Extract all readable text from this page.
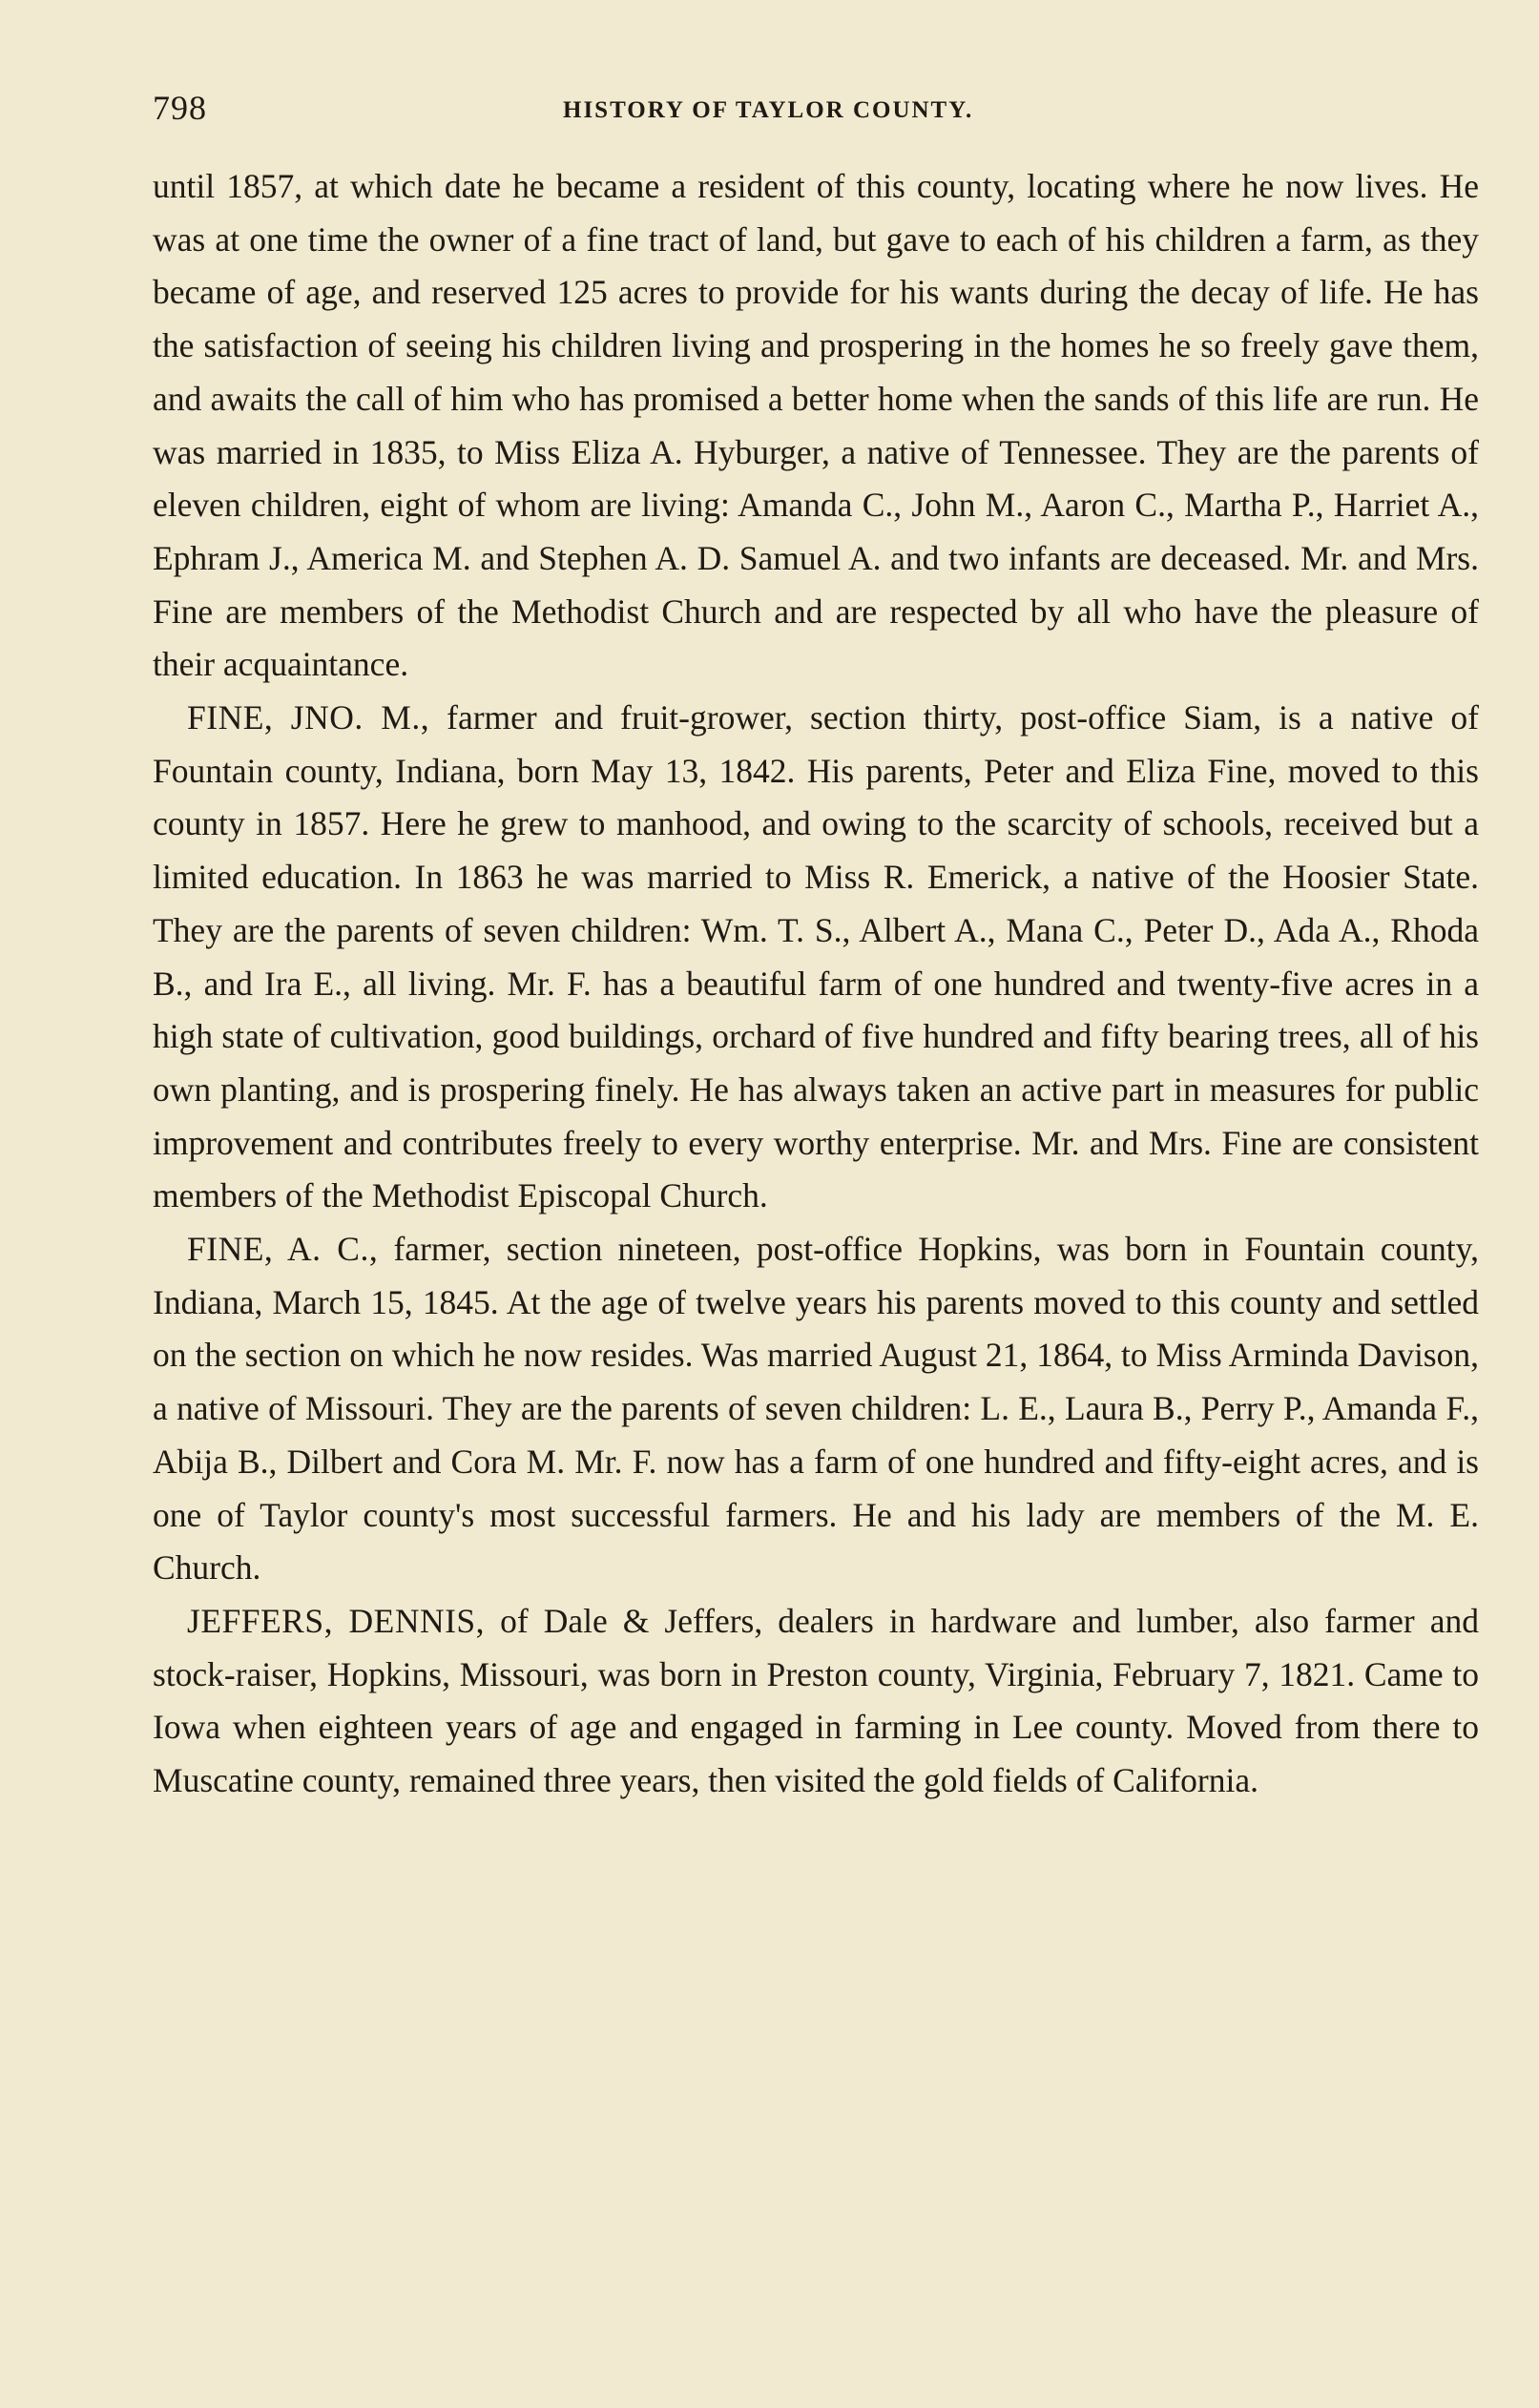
798	HISTORY OF TAYLOR COUNTY.

until 1857, at which date he became a resident of this county, locating where he now lives. He was at one time the owner of a fine tract of land, but gave to each of his children a farm, as they became of age, and reserved 125 acres to provide for his wants during the decay of life. He has the satisfaction of seeing his children living and prospering in the homes he so freely gave them, and awaits the call of him who has promised a better home when the sands of this life are run. He was married in 1835, to Miss Eliza A. Hyburger, a native of Tennessee. They are the parents of eleven children, eight of whom are living: Amanda C., John M., Aaron C., Martha P., Harriet A., Ephram J., America M. and Stephen A. D. Samuel A. and two infants are deceased. Mr. and Mrs. Fine are members of the Methodist Church and are respected by all who have the pleasure of their acquaintance.

FINE, JNO. M., farmer and fruit-grower, section thirty, post-office Siam, is a native of Fountain county, Indiana, born May 13, 1842. His parents, Peter and Eliza Fine, moved to this county in 1857. Here he grew to manhood, and owing to the scarcity of schools, received but a limited education. In 1863 he was married to Miss R. Emerick, a native of the Hoosier State. They are the parents of seven children: Wm. T. S., Albert A., Mana C., Peter D., Ada A., Rhoda B., and Ira E., all living. Mr. F. has a beautiful farm of one hundred and twenty-five acres in a high state of cultivation, good buildings, orchard of five hundred and fifty bearing trees, all of his own planting, and is prospering finely. He has always taken an active part in measures for public improvement and contributes freely to every worthy enterprise. Mr. and Mrs. Fine are consistent members of the Methodist Episcopal Church.

FINE, A. C., farmer, section nineteen, post-office Hopkins, was born in Fountain county, Indiana, March 15, 1845. At the age of twelve years his parents moved to this county and settled on the section on which he now resides. Was married August 21, 1864, to Miss Arminda Davison, a native of Missouri. They are the parents of seven children: L. E., Laura B., Perry P., Amanda F., Abija B., Dilbert and Cora M. Mr. F. now has a farm of one hundred and fifty-eight acres, and is one of Taylor county's most successful farmers. He and his lady are members of the M. E. Church.

JEFFERS, DENNIS, of Dale & Jeffers, dealers in hardware and lumber, also farmer and stock-raiser, Hopkins, Missouri, was born in Preston county, Virginia, February 7, 1821. Came to Iowa when eighteen years of age and engaged in farming in Lee county. Moved from there to Muscatine county, remained three years, then visited the gold fields of California.
